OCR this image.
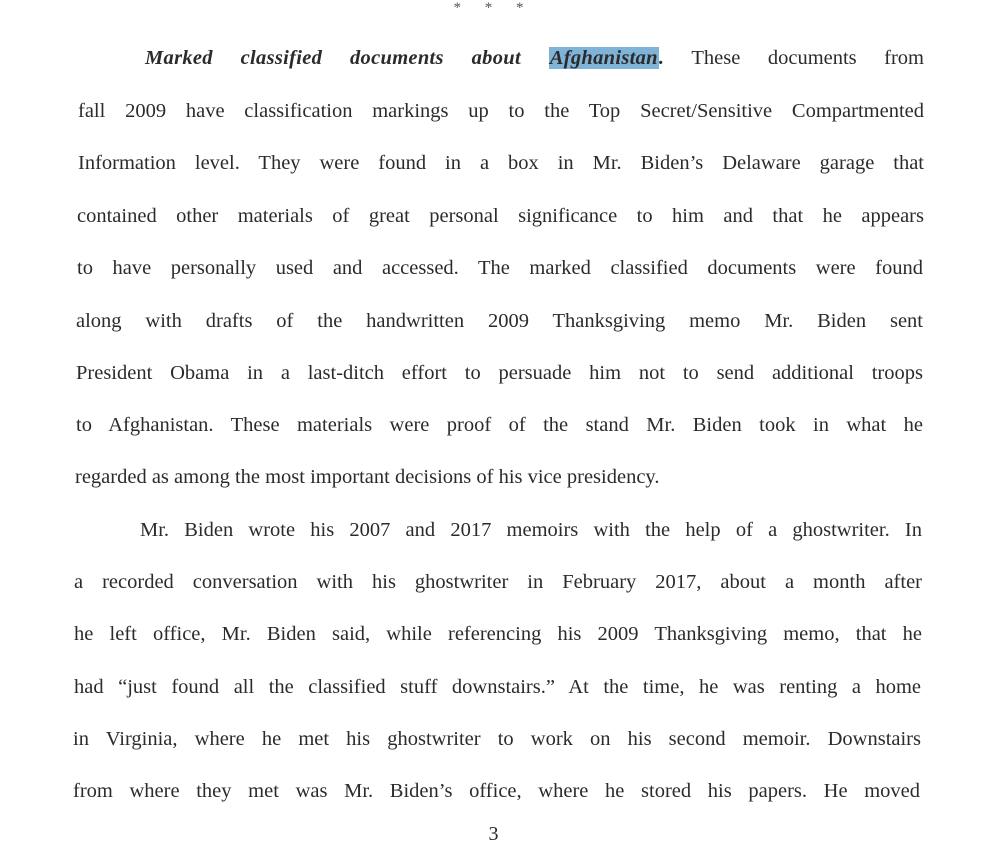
* * *
Marked classified documents about Afghanistan. These documents from
fall 2009 have classification markings up to the Top Secret/Sensitive Compartmented
Information level. They were found in a box in Mr. Biden’s Delaware garage that
contained other materials of great personal significance to him and that he appears
to have personally used and accessed. The marked classified documents were found
along with drafts of the handwritten 2009 Thanksgiving memo Mr. Biden sent
President Obama in a last-ditch effort to persuade him not to send additional troops
to Afghanistan. These materials were proof of the stand Mr. Biden took in what he
regarded as among the most important decisions of his vice presidency.
Mr. Biden wrote his 2007 and 2017 memoirs with the help of a ghostwriter. In
a recorded conversation with his ghostwriter in February 2017, about a month after
he left office, Mr. Biden said, while referencing his 2009 Thanksgiving memo, that he
had “just found all the classified stuff downstairs.” At the time, he was renting a home
in Virginia, where he met his ghostwriter to work on his second memoir. Downstairs
from where they met was Mr. Biden’s office, where he stored his papers. He moved
3
